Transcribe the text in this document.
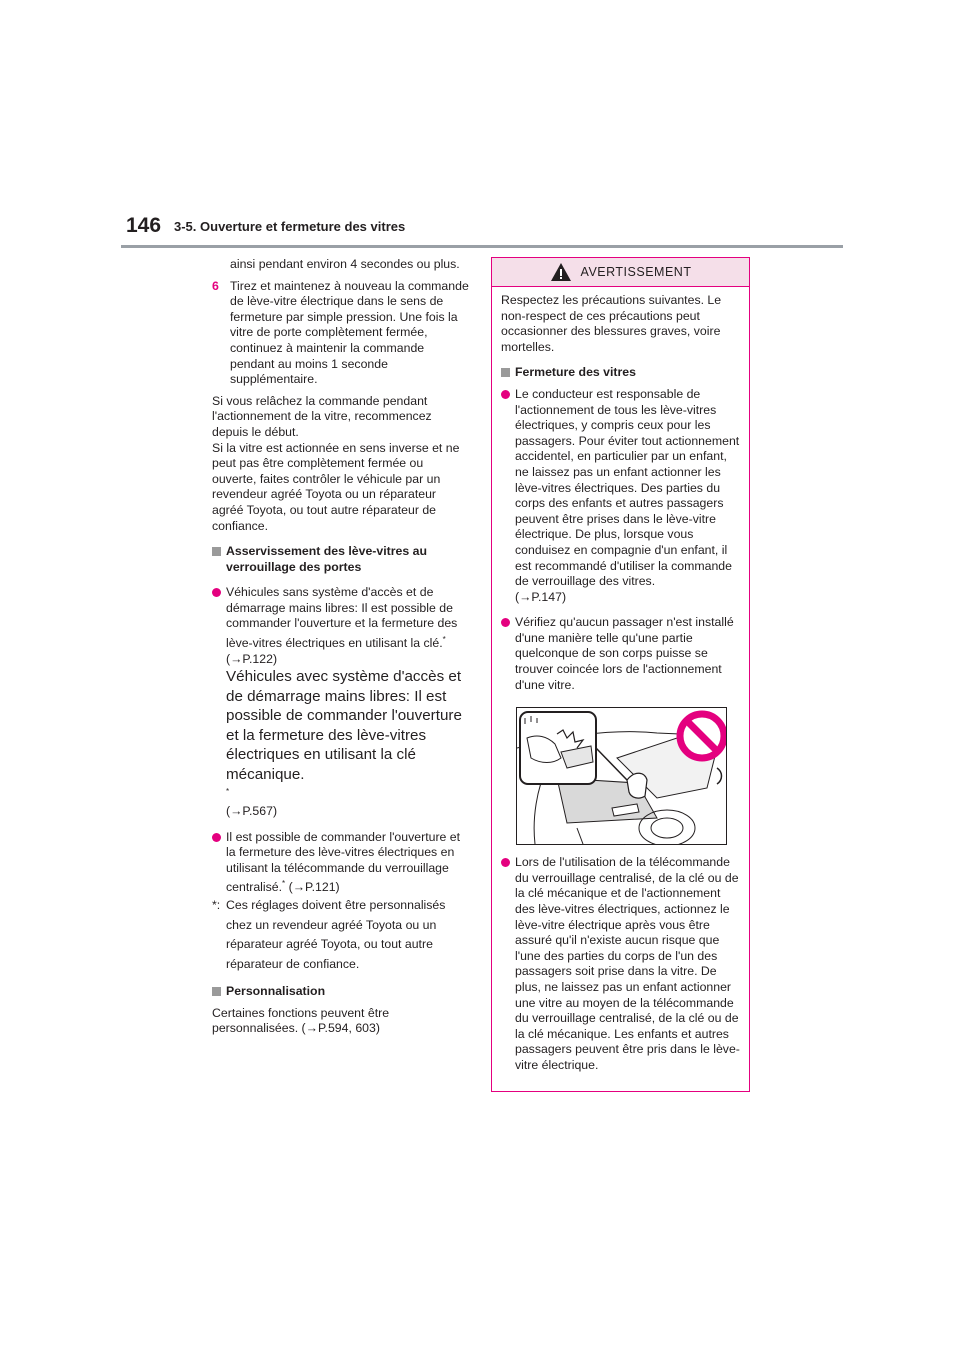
146 3-5. Ouverture et fermeture des vitres

ainsi pendant environ 4 secondes ou plus.

6 Tirez et maintenez à nouveau la commande de lève-vitre électrique dans le sens de fermeture par simple pression. Une fois la vitre de porte complètement fermée, continuez à maintenir la commande pendant au moins 1 seconde supplémentaire.

Si vous relâchez la commande pendant l'actionnement de la vitre, recommencez depuis le début.

Si la vitre est actionnée en sens inverse et ne peut pas être complètement fermée ou ouverte, faites contrôler le véhicule par un revendeur agréé Toyota ou un réparateur agréé Toyota, ou tout autre réparateur de confiance.

Asservissement des lève-vitres au verrouillage des portes
Véhicules sans système d'accès et de démarrage mains libres: Il est possible de commander l'ouverture et la fermeture des lève-vitres électriques en utilisant la clé.*
(→P.122)
Véhicules avec système d'accès et de démarrage mains libres: Il est possible de commander l'ouverture et la fermeture des lève-vitres électriques en utilisant la clé mécanique.
*
(→P.567)
Il est possible de commander l'ouverture et la fermeture des lève-vitres électriques en utilisant la télécommande du verrouillage centralisé.* (→P.121)
*: Ces réglages doivent être personnalisés chez un revendeur agréé Toyota ou un réparateur agréé Toyota, ou tout autre réparateur de confiance.
Personnalisation

Certaines fonctions peuvent être personnalisées. (→P.594, 603)

AVERTISSEMENT

Respectez les précautions suivantes. Le non-respect de ces précautions peut occasionner des blessures graves, voire mortelles.

Fermeture des vitres
Le conducteur est responsable de l'actionnement de tous les lève-vitres électriques, y compris ceux pour les passagers. Pour éviter tout actionnement accidentel, en particulier par un enfant, ne laissez pas un enfant actionner les lève-vitres électriques. Des parties du corps des enfants et autres passagers peuvent être prises dans le lève-vitre électrique. De plus, lorsque vous conduisez en compagnie d'un enfant, il est recommandé d'utiliser la commande de verrouillage des vitres.
(→P.147)
Vérifiez qu'aucun passager n'est installé d'une manière telle qu'une partie quelconque de son corps puisse se trouver coincée lors de l'actionnement d'une vitre.
Lors de l'utilisation de la télécommande du verrouillage centralisé, de la clé ou de la clé mécanique et de l'actionnement des lève-vitres électriques, actionnez le lève-vitre électrique après vous être assuré qu'il n'existe aucun risque que l'une des parties du corps de l'un des passagers soit prise dans la vitre. De plus, ne laissez pas un enfant actionner une vitre au moyen de la télécommande du verrouillage centralisé, de la clé ou de la clé mécanique. Les enfants et autres passagers peuvent être pris dans le lève-vitre électrique.
